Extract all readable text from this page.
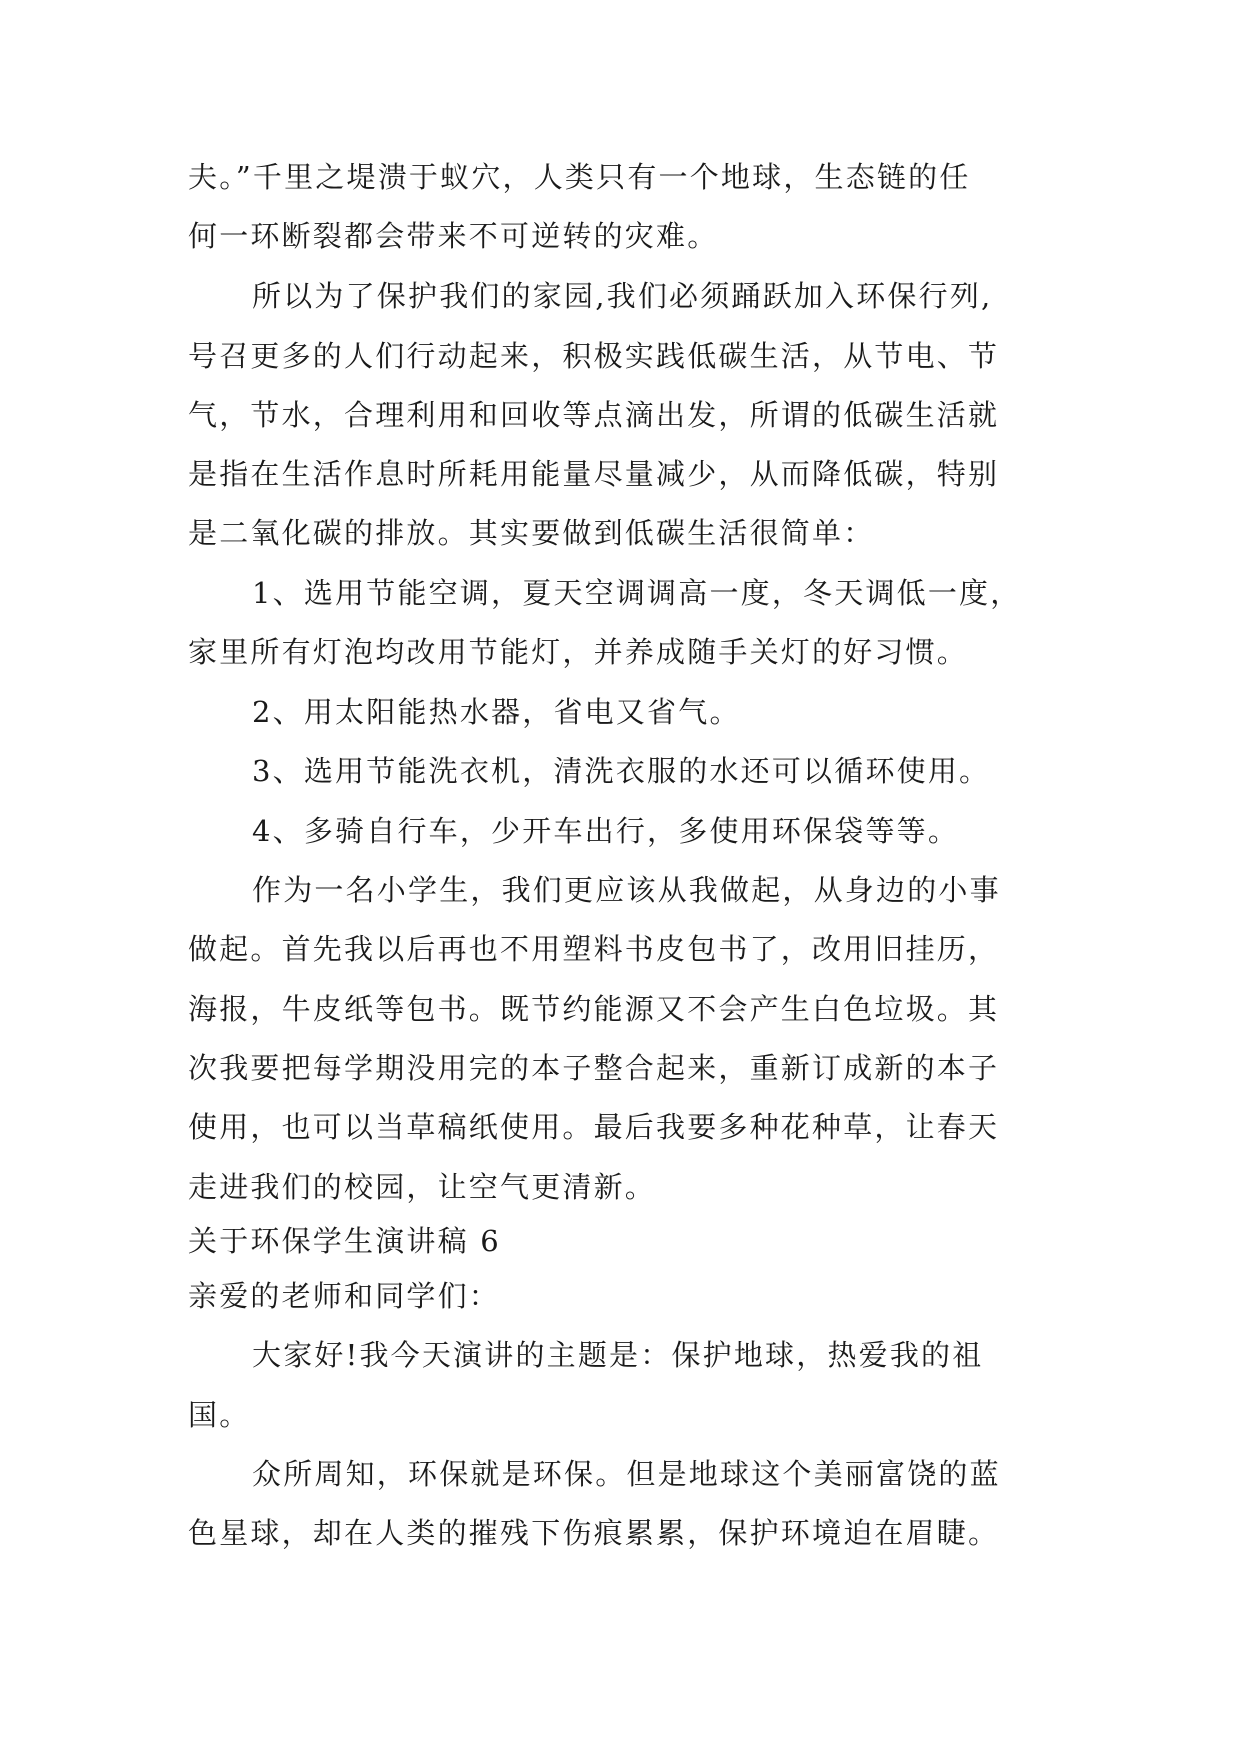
夫。”千里之堤溃于蚁穴，人类只有一个地球，生态链的任
何一环断裂都会带来不可逆转的灾难。
所以为了保护我们的家园,我们必须踊跃加入环保行列,
号召更多的人们行动起来，积极实践低碳生活，从节电、节
气，节水，合理利用和回收等点滴出发，所谓的低碳生活就
是指在生活作息时所耗用能量尽量减少，从而降低碳，特别
是二氧化碳的排放。其实要做到低碳生活很简单：
1、选用节能空调，夏天空调调高一度，冬天调低一度，
家里所有灯泡均改用节能灯，并养成随手关灯的好习惯。
2、用太阳能热水器，省电又省气。
3、选用节能洗衣机，清洗衣服的水还可以循环使用。
4、多骑自行车，少开车出行，多使用环保袋等等。
作为一名小学生，我们更应该从我做起，从身边的小事
做起。首先我以后再也不用塑料书皮包书了，改用旧挂历，
海报，牛皮纸等包书。既节约能源又不会产生白色垃圾。其
次我要把每学期没用完的本子整合起来，重新订成新的本子
使用，也可以当草稿纸使用。最后我要多种花种草，让春天
走进我们的校园，让空气更清新。
关于环保学生演讲稿 6
亲爱的老师和同学们：
大家好!我今天演讲的主题是：保护地球，热爱我的祖
国。
众所周知，环保就是环保。但是地球这个美丽富饶的蓝
色星球，却在人类的摧残下伤痕累累，保护环境迫在眉睫。
